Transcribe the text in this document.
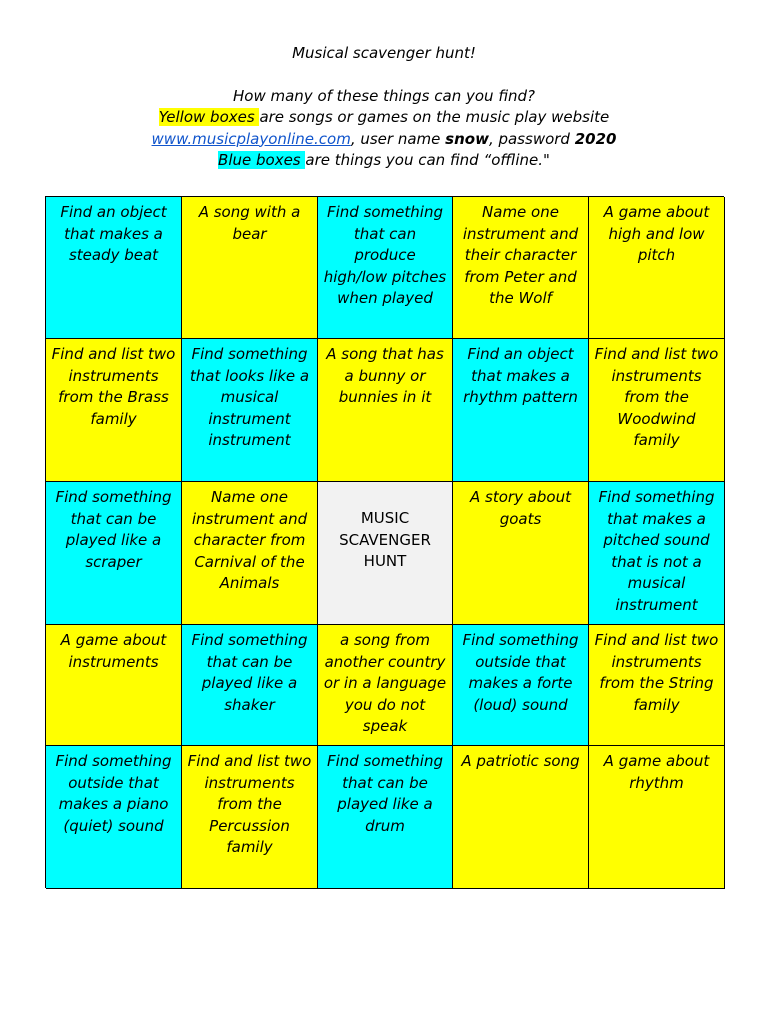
Musical scavenger hunt!
How many of these things can you find?
Yellow boxes are songs or games on the music play website
www.musicplayonline.com, user name snow, password 2020
Blue boxes are things you can find “offline."
Find an object that makes a steady beat
A song with a bear
Find something that can produce high/low pitches when played
Name one instrument and their character from Peter and the Wolf
A game about high and low pitch
Find and list two instruments from the Brass family
Find something that looks like a musical instrument instrument
A song that has a bunny or bunnies in it
Find an object that makes a rhythm pattern
Find and list two instruments from the Woodwind family
Find something that can be played like a scraper
Name one instrument and character from Carnival of the Animals
MUSIC SCAVENGER HUNT
A story about goats
Find something that makes a pitched sound that is not a musical instrument
A game about instruments
Find something that can be played like a shaker
a song from another country or in a language you do not speak
Find something outside that makes a forte (loud) sound
Find and list two instruments from the String family
Find something outside that makes a piano (quiet) sound
Find and list two instruments from the Percussion family
Find something that can be played like a drum
A patriotic song	A game about rhythm
